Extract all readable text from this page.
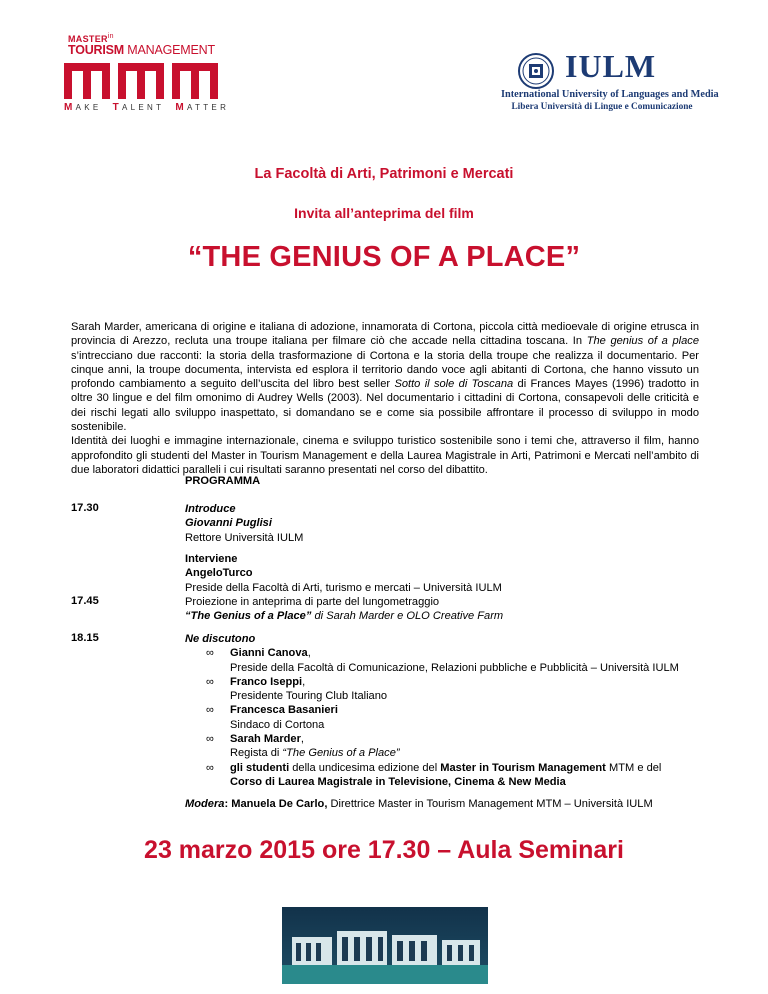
$MASTER^{in}$
TOURISM MANAGEMENT
MAKE TALENT MATTER
IULM
International University of Languages and Media
Libera Università di Lingue e Comunicazione
La Facoltà di Arti, Patrimoni e Mercati
Invita all’anteprima del film
“THE GENIUS OF A PLACE”

Sarah Marder, americana di origine e italiana di adozione, innamorata di Cortona, piccola città medioevale di origine etrusca in provincia di Arezzo, recluta una troupe italiana per filmare ciò che accade nella cittadina toscana. In The genius of a place s’intrecciano due racconti: la storia della trasformazione di Cortona e la storia della troupe che realizza il documentario. Per cinque anni, la troupe documenta, intervista ed esplora il territorio dando voce agli abitanti di Cortona, che hanno vissuto un profondo cambiamento a seguito dell’uscita del libro best seller Sotto il sole di Toscana di Frances Mayes (1996) tradotto in oltre 30 lingue e del film omonimo di Audrey Wells (2003). Nel documentario i cittadini di Cortona, consapevoli delle criticità e dei rischi legati allo sviluppo inaspettato, si domandano se e come sia possibile affrontare il processo di sviluppo in modo sostenibile.

Identità dei luoghi e immagine internazionale, cinema e sviluppo turistico sostenibile sono i temi che, attraverso il film, hanno approfondito gli studenti del Master in Tourism Management e della Laurea Magistrale in Arti, Patrimoni e Mercati nell’ambito di due laboratori didattici paralleli i cui risultati saranno presentati nel corso del dibattito.

PROGRAMMA
17.30	Introduce

Giovanni Puglisi

Rettore Università IULM

Interviene

AngeloTurco

Preside della Facoltà di Arti, turismo e mercati – Università IULM

17.45	Proiezione in anteprima di parte del lungometraggio

“The Genius of a Place” di Sarah Marder e OLO Creative Farm

18.15	Ne discutono

∞ Gianni Canova,
Preside della Facoltà di Comunicazione, Relazioni pubbliche e Pubblicità – Università IULM
∞ Franco Iseppi,
Presidente Touring Club Italiano
∞ Francesca Basanieri
Sindaco di Cortona
∞ Sarah Marder,
Regista di “The Genius of a Place”
∞ gli studenti della undicesima edizione del Master in Tourism Management MTM e del
Corso di Laurea Magistrale in Televisione, Cinema & New Media
Modera: Manuela De Carlo, Direttrice Master in Tourism Management MTM – Università IULM
23 marzo 2015 ore 17.30 – Aula Seminari
